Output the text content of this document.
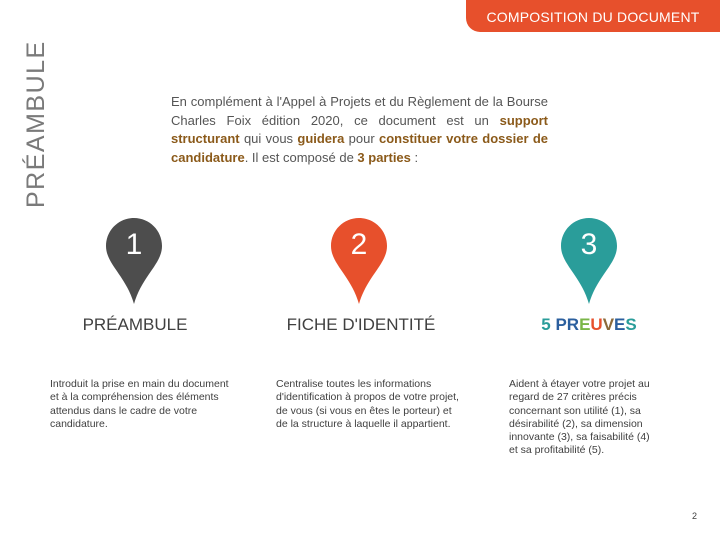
PRÉAMBULE
COMPOSITION DU DOCUMENT
En complément à l'Appel à Projets et du Règlement de la Bourse Charles Foix édition 2020, ce document est un support structurant qui vous guidera pour constituer votre dossier de candidature. Il est composé de 3 parties :
1
PRÉAMBULE
Introduit la prise en main du document et à la compréhension des éléments attendus dans le cadre de votre candidature.
2
FICHE D'IDENTITÉ
Centralise toutes les informations d'identification à propos de votre projet, de vous (si vous en êtes le porteur) et de la structure à laquelle il appartient.
3
5 PREUVES
Aident à étayer votre projet au regard de 27 critères précis concernant son utilité (1), sa désirabilité (2), sa dimension innovante (3), sa faisabilité (4) et sa profitabilité (5).
2
